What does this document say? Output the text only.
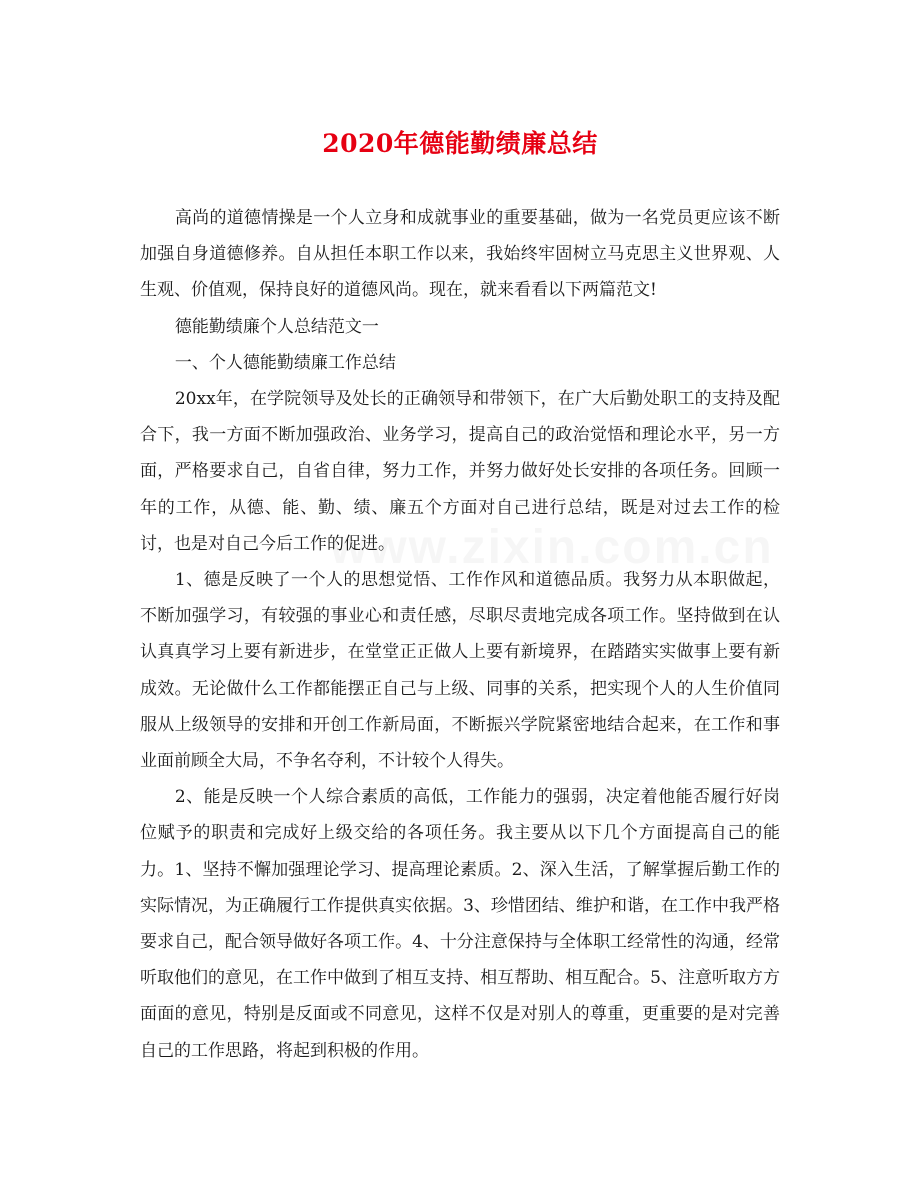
2020年德能勤绩廉总结

高尚的道德情操是一个人立身和成就事业的重要基础，做为一名党员更应该不断加强自身道德修养。自从担任本职工作以来，我始终牢固树立马克思主义世界观、人生观、价值观，保持良好的道德风尚。现在，就来看看以下两篇范文!

德能勤绩廉个人总结范文一

一、个人德能勤绩廉工作总结

20xx年，在学院领导及处长的正确领导和带领下，在广大后勤处职工的支持及配合下，我一方面不断加强政治、业务学习，提高自己的政治觉悟和理论水平，另一方面，严格要求自己，自省自律，努力工作，并努力做好处长安排的各项任务。回顾一年的工作，从德、能、勤、绩、廉五个方面对自己进行总结，既是对过去工作的检讨，也是对自己今后工作的促进。

1、德是反映了一个人的思想觉悟、工作作风和道德品质。我努力从本职做起，不断加强学习，有较强的事业心和责任感，尽职尽责地完成各项工作。坚持做到在认认真真学习上要有新进步，在堂堂正正做人上要有新境界，在踏踏实实做事上要有新成效。无论做什么工作都能摆正自己与上级、同事的关系，把实现个人的人生价值同服从上级领导的安排和开创工作新局面，不断振兴学院紧密地结合起来，在工作和事业面前顾全大局，不争名夺利，不计较个人得失。

2、能是反映一个人综合素质的高低，工作能力的强弱，决定着他能否履行好岗位赋予的职责和完成好上级交给的各项任务。我主要从以下几个方面提高自己的能力。1、坚持不懈加强理论学习、提高理论素质。2、深入生活，了解掌握后勤工作的实际情况，为正确履行工作提供真实依据。3、珍惜团结、维护和谐，在工作中我严格要求自己，配合领导做好各项工作。4、十分注意保持与全体职工经常性的沟通，经常听取他们的意见，在工作中做到了相互支持、相互帮助、相互配合。5、注意听取方方面面的意见，特别是反面或不同意见，这样不仅是对别人的尊重，更重要的是对完善自己的工作思路，将起到积极的作用。
